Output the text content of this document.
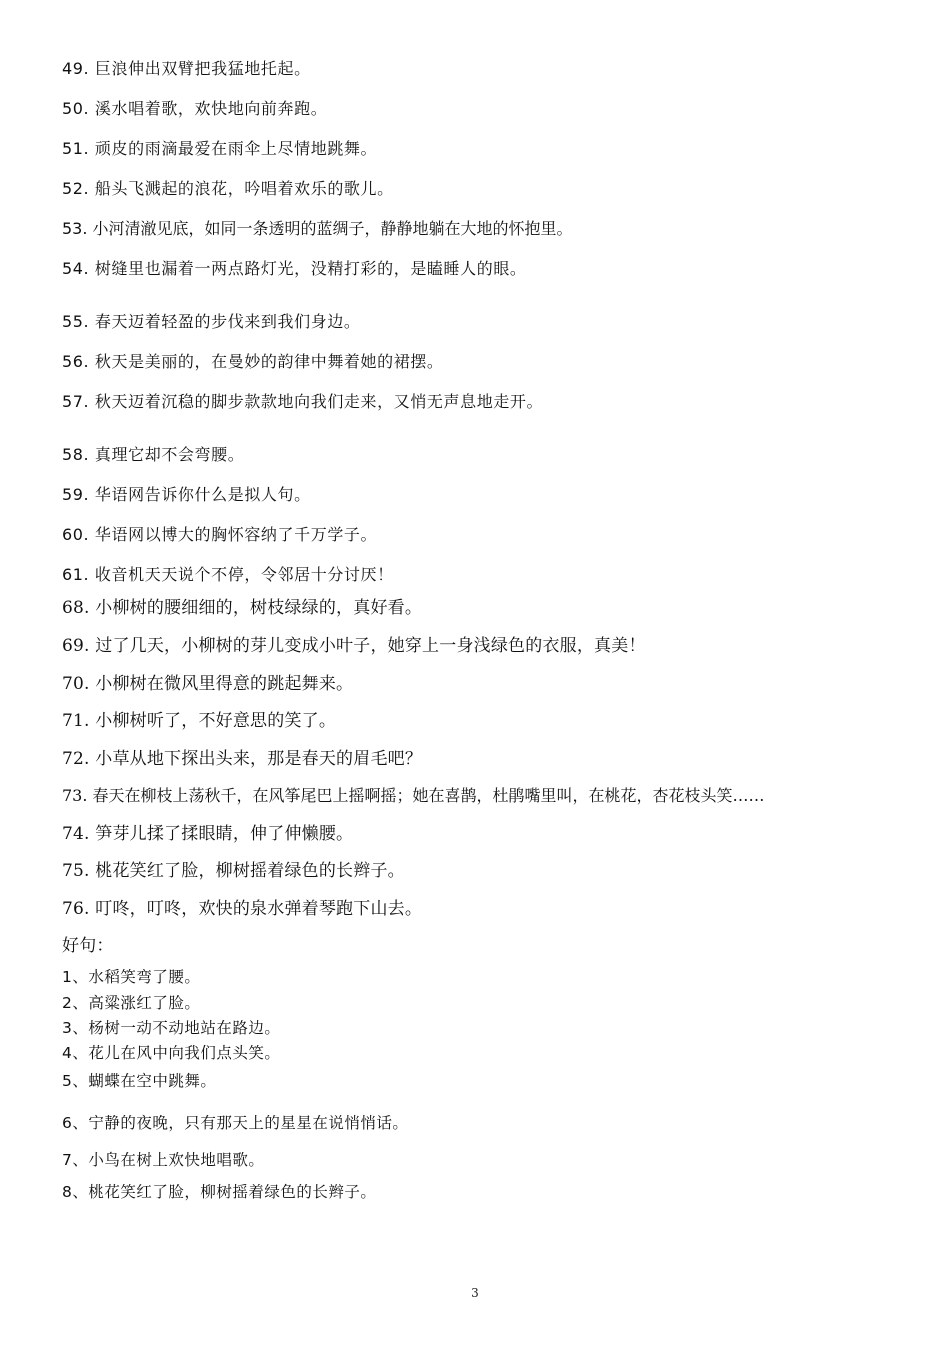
49. 巨浪伸出双臂把我猛地托起。
50. 溪水唱着歌，欢快地向前奔跑。
51. 顽皮的雨滴最爱在雨伞上尽情地跳舞。
52. 船头飞溅起的浪花，吟唱着欢乐的歌儿。
53. 小河清澈见底，如同一条透明的蓝绸子，静静地躺在大地的怀抱里。
54. 树缝里也漏着一两点路灯光，没精打彩的，是瞌睡人的眼。
55. 春天迈着轻盈的步伐来到我们身边。
56. 秋天是美丽的，在曼妙的韵律中舞着她的裙摆。
57. 秋天迈着沉稳的脚步款款地向我们走来，又悄无声息地走开。
58. 真理它却不会弯腰。
59. 华语网告诉你什么是拟人句。
60. 华语网以博大的胸怀容纳了千万学子。
61. 收音机天天说个不停，令邻居十分讨厌！
68. 小柳树的腰细细的，树枝绿绿的，真好看。
69. 过了几天，小柳树的芽儿变成小叶子，她穿上一身浅绿色的衣服，真美！
70. 小柳树在微风里得意的跳起舞来。
71. 小柳树听了，不好意思的笑了。
72. 小草从地下探出头来，那是春天的眉毛吧？
73. 春天在柳枝上荡秋千，在风筝尾巴上摇啊摇；她在喜鹊，杜鹃嘴里叫，在桃花，杏花枝头笑……
74. 笋芽儿揉了揉眼睛，伸了伸懒腰。
75. 桃花笑红了脸，柳树摇着绿色的长辫子。
76. 叮咚，叮咚，欢快的泉水弹着琴跑下山去。
好句：
1、水稻笑弯了腰。
2、高粱涨红了脸。
3、杨树一动不动地站在路边。
4、花儿在风中向我们点头笑。
5、蝴蝶在空中跳舞。
6、宁静的夜晚，只有那天上的星星在说悄悄话。
7、小鸟在树上欢快地唱歌。
8、桃花笑红了脸，柳树摇着绿色的长辫子。
3
